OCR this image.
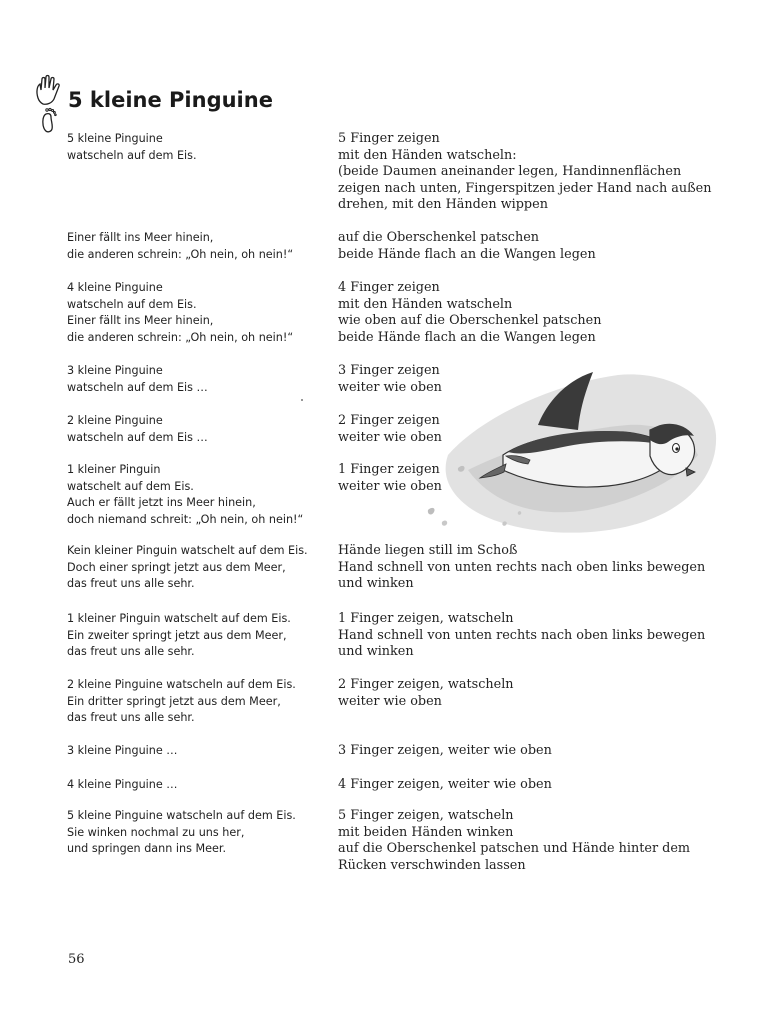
5 kleine Pinguine
5 kleine Pinguine
watscheln auf dem Eis.
5 Finger zeigen
mit den Händen watscheln:
(beide Daumen aneinander legen, Handinnenflächen
zeigen nach unten, Fingerspitzen jeder Hand nach außen
drehen, mit den Händen wippen
Einer fällt ins Meer hinein,
die anderen schrein: „Oh nein, oh nein!“
auf die Oberschenkel patschen
beide Hände flach an die Wangen legen
4 kleine Pinguine
watscheln auf dem Eis.
Einer fällt ins Meer hinein,
die anderen schrein: „Oh nein, oh nein!“
4 Finger zeigen
mit den Händen watscheln
wie oben auf die Oberschenkel patschen
beide Hände flach an die Wangen legen
3 kleine Pinguine
watscheln auf dem Eis …
3 Finger zeigen
weiter wie oben
2 kleine Pinguine
watscheln auf dem Eis …
2 Finger zeigen
weiter wie oben
1 kleiner Pinguin
watschelt auf dem Eis.
Auch er fällt jetzt ins Meer hinein,
doch niemand schreit: „Oh nein, oh nein!“
1 Finger zeigen
weiter wie oben
Kein kleiner Pinguin watschelt auf dem Eis.
Doch einer springt jetzt aus dem Meer,
das freut uns alle sehr.
Hände liegen still im Schoß
Hand schnell von unten rechts nach oben links bewegen
und winken
1 kleiner Pinguin watschelt auf dem Eis.
Ein zweiter springt jetzt aus dem Meer,
das freut uns alle sehr.
1 Finger zeigen, watscheln
Hand schnell von unten rechts nach oben links bewegen
und winken
2 kleine Pinguine watscheln auf dem Eis.
Ein dritter springt jetzt aus dem Meer,
das freut uns alle sehr.
2 Finger zeigen, watscheln
weiter wie oben
3 kleine Pinguine …	3 Finger zeigen, weiter wie oben
4 kleine Pinguine …	4 Finger zeigen, weiter wie oben
5 kleine Pinguine watscheln auf dem Eis.
Sie winken nochmal zu uns her,
und springen dann ins Meer.
5 Finger zeigen, watscheln
mit beiden Händen winken
auf die Oberschenkel patschen und Hände hinter dem
Rücken verschwinden lassen
56
